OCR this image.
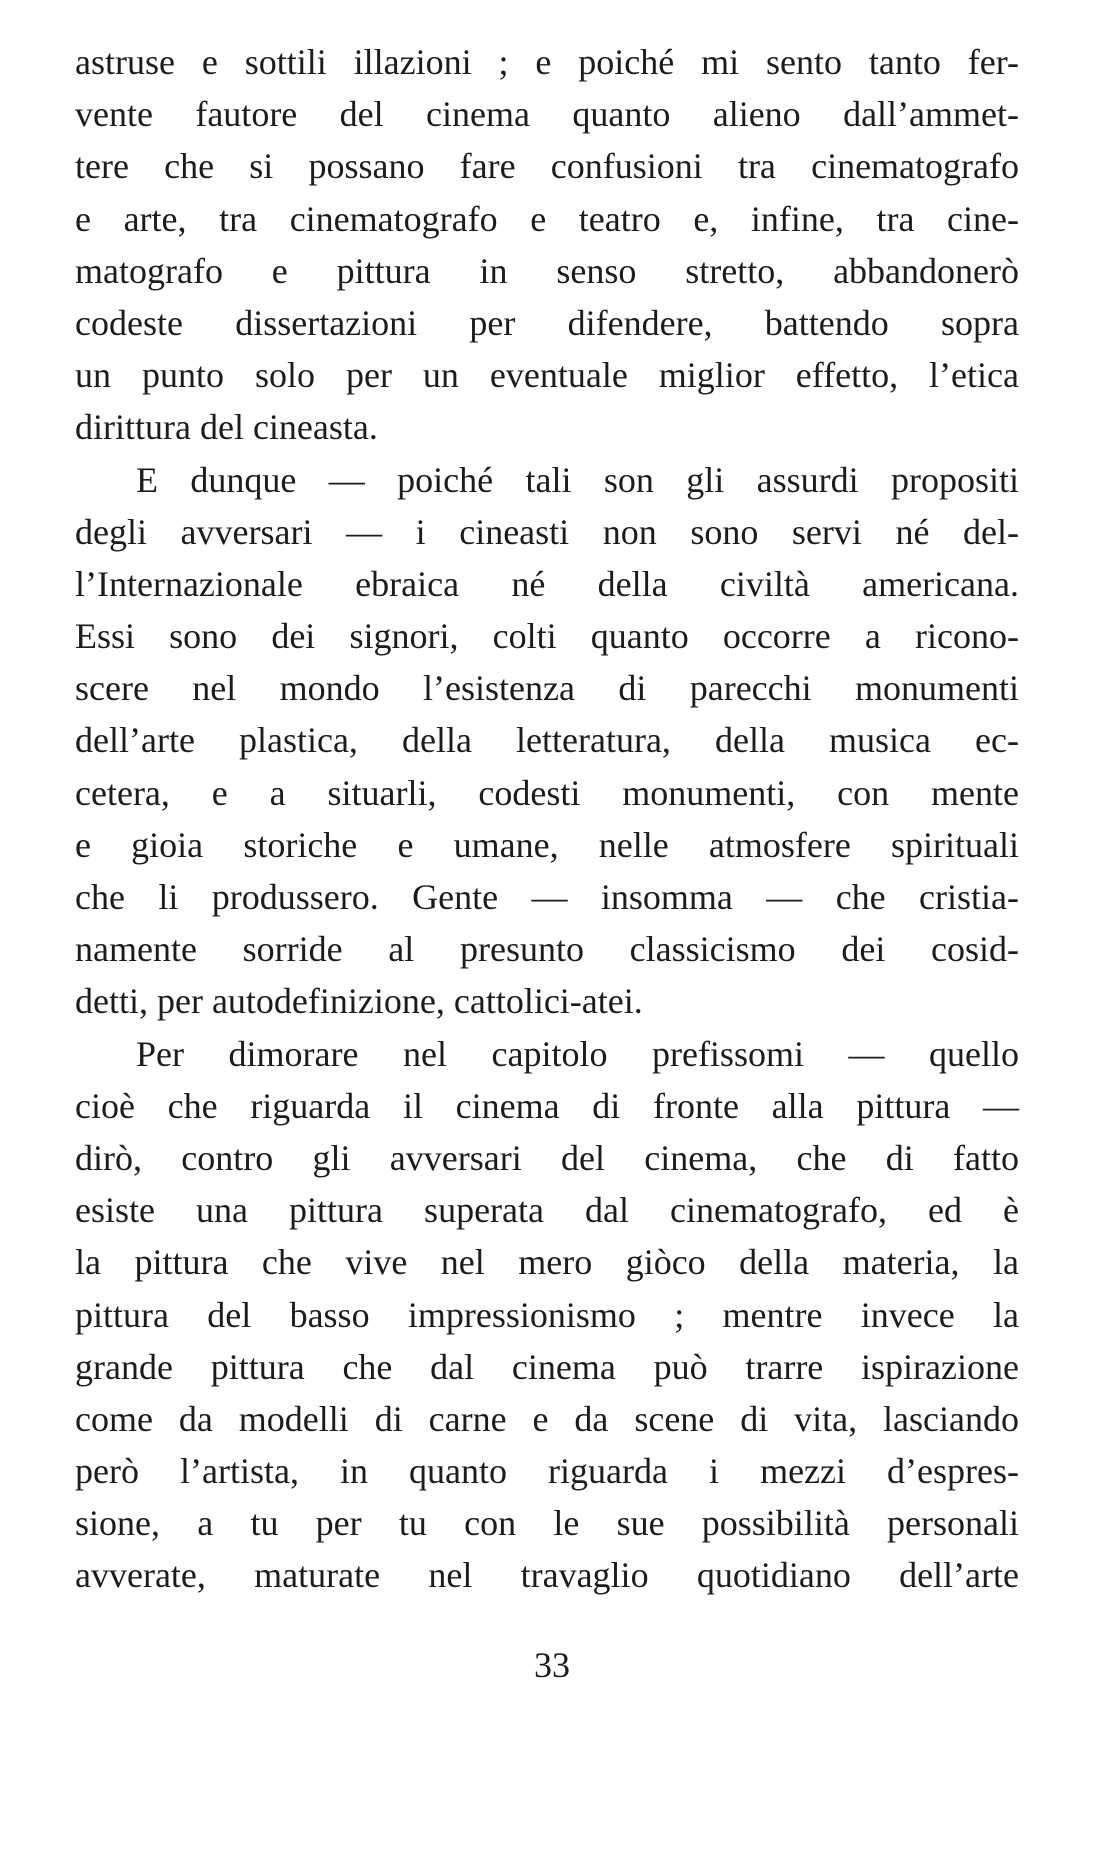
astruse e sottili illazioni ; e poiché mi sento tanto fer-
vente fautore del cinema quanto alieno dall’ammet-
tere che si possano fare confusioni tra cinematografo
e arte, tra cinematografo e teatro e, infine, tra cine-
matografo e pittura in senso stretto, abbandonerò
codeste dissertazioni per difendere, battendo sopra
un punto solo per un eventuale miglior effetto, l’etica
dirittura del cineasta.
E dunque — poiché tali son gli assurdi propositi
degli avversari — i cineasti non sono servi né del-
l’Internazionale ebraica né della civiltà americana.
Essi sono dei signori, colti quanto occorre a ricono-
scere nel mondo l’esistenza di parecchi monumenti
dell’arte plastica, della letteratura, della musica ec-
cetera, e a situarli, codesti monumenti, con mente
e gioia storiche e umane, nelle atmosfere spirituali
che li produssero. Gente — insomma — che cristia-
namente sorride al presunto classicismo dei cosid-
detti, per autodefinizione, cattolici-atei.
Per dimorare nel capitolo prefissomi — quello
cioè che riguarda il cinema di fronte alla pittura —
dirò, contro gli avversari del cinema, che di fatto
esiste una pittura superata dal cinematografo, ed è
la pittura che vive nel mero giòco della materia, la
pittura del basso impressionismo ; mentre invece la
grande pittura che dal cinema può trarre ispirazione
come da modelli di carne e da scene di vita, lasciando
però l’artista, in quanto riguarda i mezzi d’espres-
sione, a tu per tu con le sue possibilità personali
avverate, maturate nel travaglio quotidiano dell’arte
33
